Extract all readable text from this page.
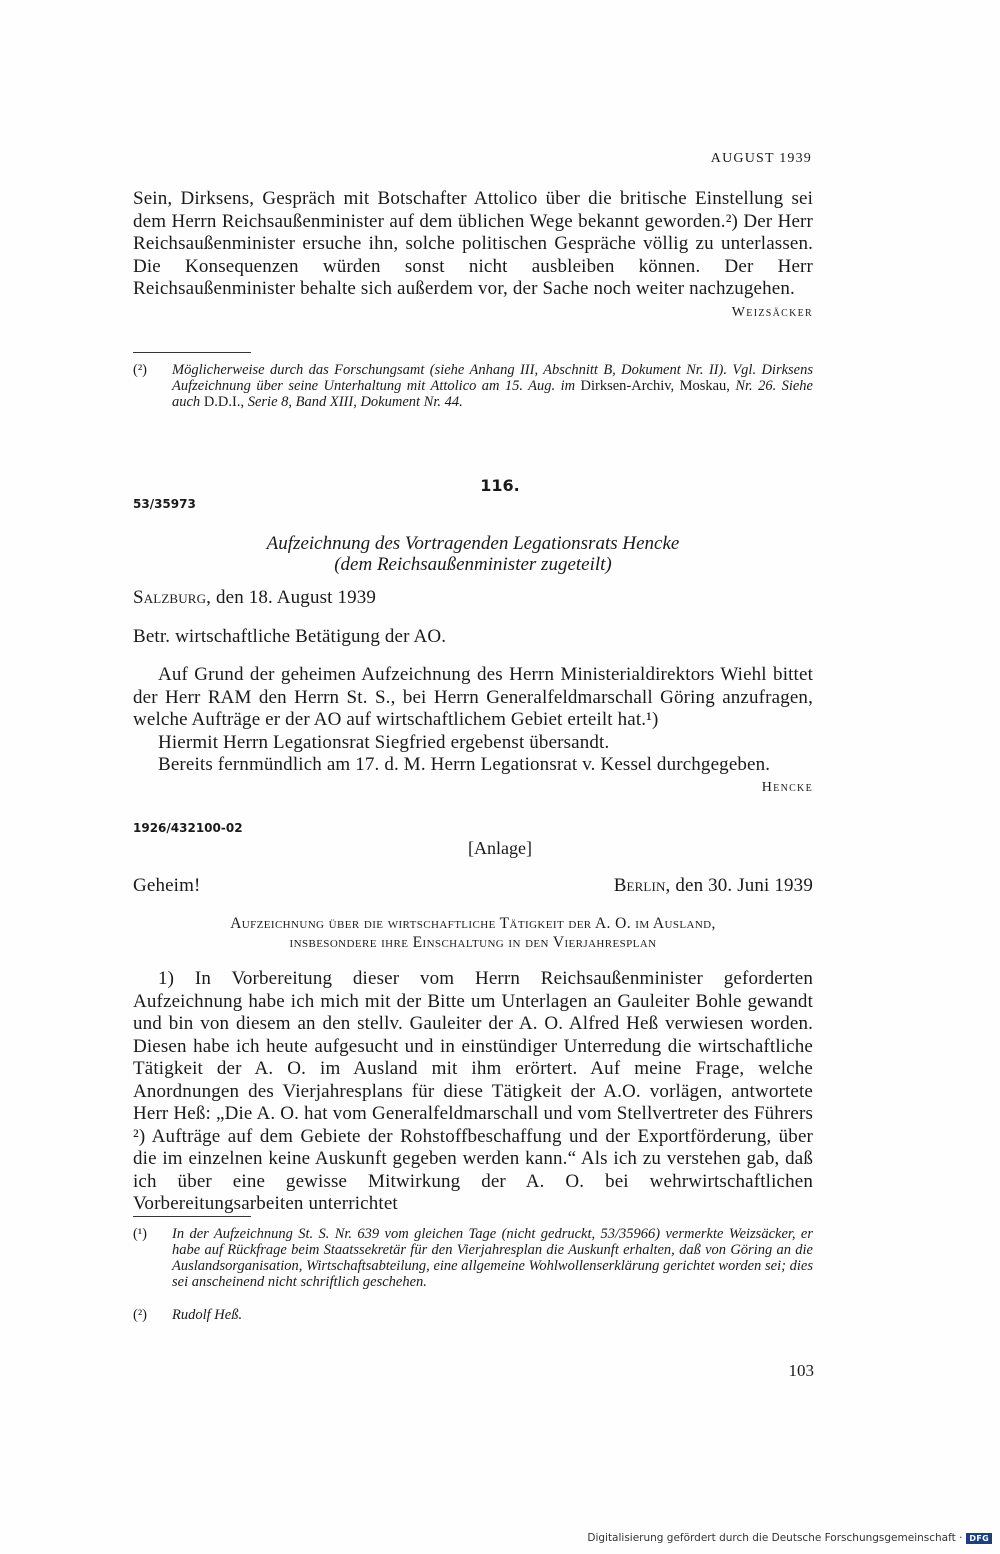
AUGUST 1939
Sein, Dirksens, Gespräch mit Botschafter Attolico über die britische Einstellung sei dem Herrn Reichsaußenminister auf dem üblichen Wege bekannt geworden.²) Der Herr Reichsaußenminister ersuche ihn, solche politischen Gespräche völlig zu unterlassen. Die Konsequenzen würden sonst nicht ausbleiben können. Der Herr Reichsaußenminister behalte sich außerdem vor, der Sache noch weiter nachzugehen.
Weizsäcker
(²) Möglicherweise durch das Forschungsamt (siehe Anhang III, Abschnitt B, Dokument Nr. II). Vgl. Dirksens Aufzeichnung über seine Unterhaltung mit Attolico am 15. Aug. im Dirksen-Archiv, Moskau, Nr. 26. Siehe auch D.D.I., Serie 8, Band XIII, Dokument Nr. 44.
116.
53/35973
Aufzeichnung des Vortragenden Legationsrats Hencke
(dem Reichsaußenminister zugeteilt)
Salzburg, den 18. August 1939
Betr. wirtschaftliche Betätigung der AO.
Auf Grund der geheimen Aufzeichnung des Herrn Ministerialdirektors Wiehl bittet der Herr RAM den Herrn St. S., bei Herrn Generalfeldmarschall Göring anzufragen, welche Aufträge er der AO auf wirtschaftlichem Gebiet erteilt hat.¹)
Hiermit Herrn Legationsrat Siegfried ergebenst übersandt.
Bereits fernmündlich am 17. d. M. Herrn Legationsrat v. Kessel durchgegeben.
Hencke
1926/432100-02
[Anlage]
Geheim!	Berlin, den 30. Juni 1939
Aufzeichnung über die wirtschaftliche Tätigkeit der A. O. im Ausland,
insbesondere ihre Einschaltung in den Vierjahresplan
1) In Vorbereitung dieser vom Herrn Reichsaußenminister geforderten Aufzeichnung habe ich mich mit der Bitte um Unterlagen an Gauleiter Bohle gewandt und bin von diesem an den stellv. Gauleiter der A. O. Alfred Heß verwiesen worden. Diesen habe ich heute aufgesucht und in einstündiger Unterredung die wirtschaftliche Tätigkeit der A. O. im Ausland mit ihm erörtert. Auf meine Frage, welche Anordnungen des Vierjahresplans für diese Tätigkeit der A.O. vorlägen, antwortete Herr Heß: „Die A. O. hat vom Generalfeldmarschall und vom Stellvertreter des Führers ²) Aufträge auf dem Gebiete der Rohstoffbeschaffung und der Exportförderung, über die im einzelnen keine Auskunft gegeben werden kann.“ Als ich zu verstehen gab, daß ich über eine gewisse Mitwirkung der A. O. bei wehrwirtschaftlichen Vorbereitungsarbeiten unterrichtet
(¹) In der Aufzeichnung St. S. Nr. 639 vom gleichen Tage (nicht gedruckt, 53/35966) vermerkte Weizsäcker, er habe auf Rückfrage beim Staatssekretär für den Vierjahresplan die Auskunft erhalten, daß von Göring an die Auslandsorganisation, Wirtschaftsabteilung, eine allgemeine Wohlwollenserklärung gerichtet worden sei; dies sei anscheinend nicht schriftlich geschehen.
(²) Rudolf Heß.
103
Digitalisierung gefördert durch die Deutsche Forschungsgemeinschaft · DFG
